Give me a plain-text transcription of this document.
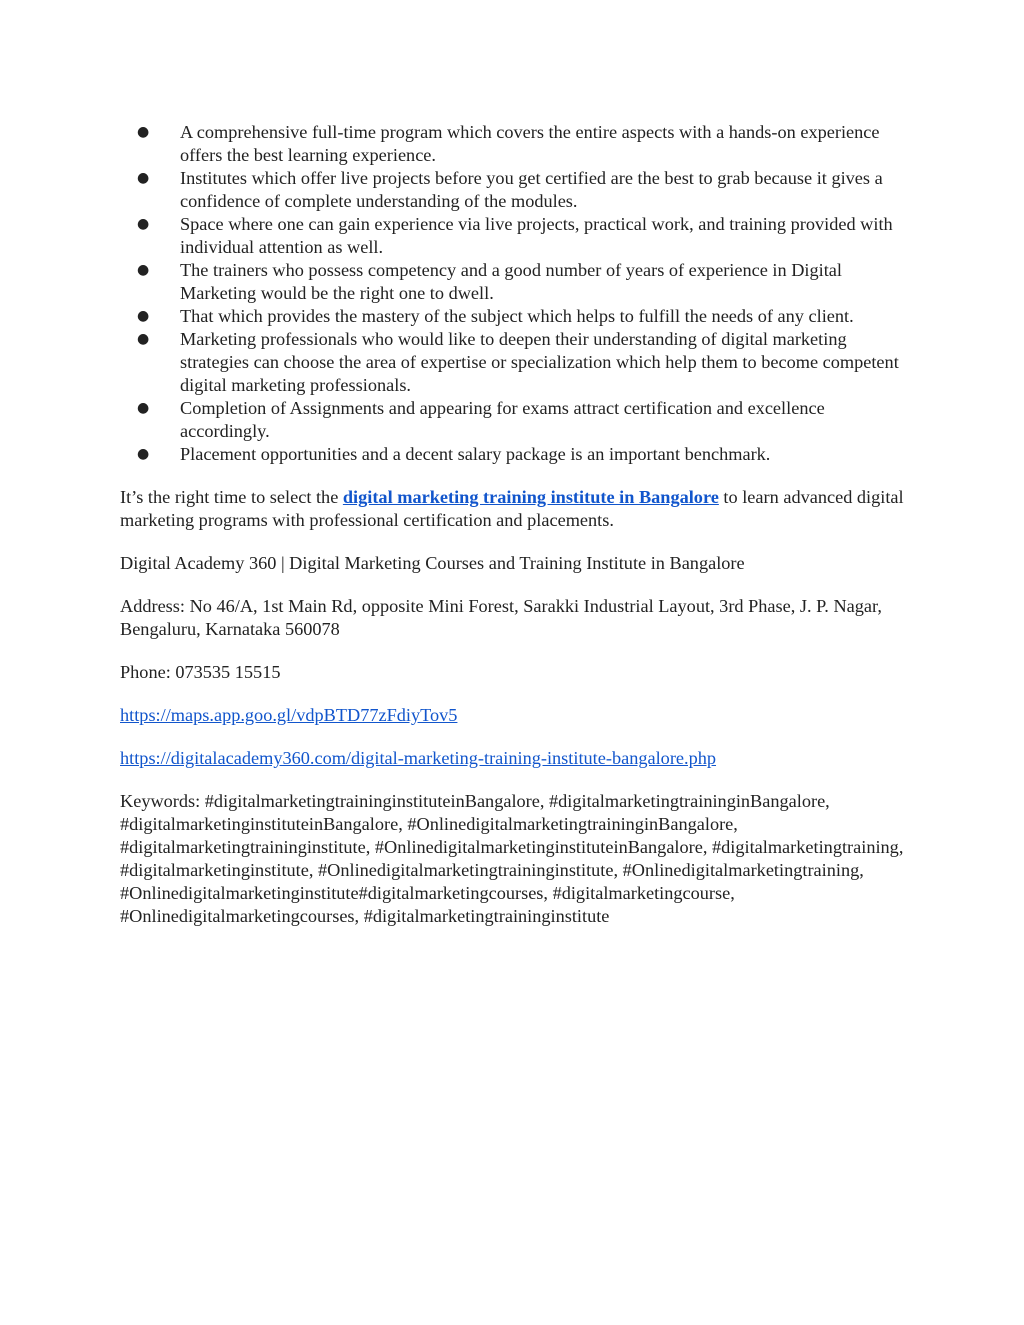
● A comprehensive full-time program which covers the entire aspects with a hands-on experience offers the best learning experience.
● Institutes which offer live projects before you get certified are the best to grab because it gives a confidence of complete understanding of the modules.
● Space where one can gain experience via live projects, practical work, and training provided with individual attention as well.
● The trainers who possess competency and a good number of years of experience in Digital Marketing would be the right one to dwell.
● That which provides the mastery of the subject which helps to fulfill the needs of any client.
● Marketing professionals who would like to deepen their understanding of digital marketing strategies can choose the area of expertise or specialization which help them to become competent digital marketing professionals.
● Completion of Assignments and appearing for exams attract certification and excellence accordingly.
● Placement opportunities and a decent salary package is an important benchmark.

It’s the right time to select the digital marketing training institute in Bangalore to learn advanced digital marketing programs with professional certification and placements.

Digital Academy 360 | Digital Marketing Courses and Training Institute in Bangalore

Address: No 46/A, 1st Main Rd, opposite Mini Forest, Sarakki Industrial Layout, 3rd Phase, J. P. Nagar, Bengaluru, Karnataka 560078

Phone: 073535 15515

https://maps.app.goo.gl/vdpBTD77zFdiyTov5

https://digitalacademy360.com/digital-marketing-training-institute-bangalore.php

Keywords: #digitalmarketingtraininginstituteinBangalore, #digitalmarketingtraininginBangalore, #digitalmarketinginstituteinBangalore, #OnlinedigitalmarketingtraininginBangalore, #digitalmarketingtraininginstitute, #OnlinedigitalmarketinginstituteinBangalore, #digitalmarketingtraining, #digitalmarketinginstitute, #Onlinedigitalmarketingtraininginstitute, #Onlinedigitalmarketingtraining, #Onlinedigitalmarketinginstitute#digitalmarketingcourses, #digitalmarketingcourse, #Onlinedigitalmarketingcourses, #digitalmarketingtraininginstitute
